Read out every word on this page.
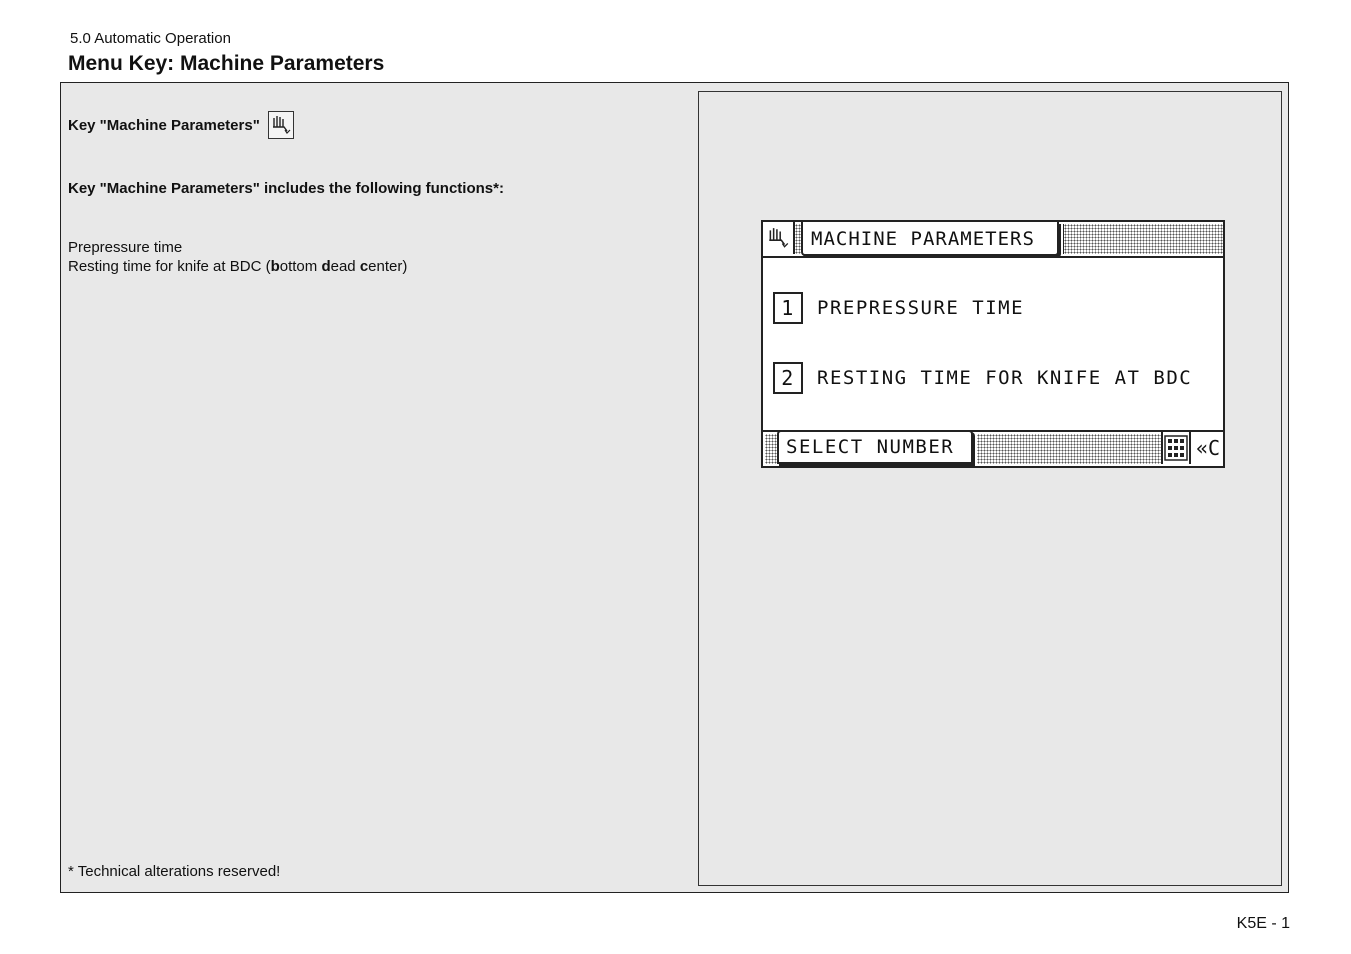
5.0 Automatic Operation
Menu Key: Machine Parameters
Key "Machine Parameters"
Key "Machine Parameters" includes the following functions*:
Prepressure time
Resting time for knife at BDC (bottom dead center)
* Technical alterations reserved!
MACHINE PARAMETERS
1	PREPRESSURE TIME
2	RESTING TIME FOR KNIFE AT BDC
SELECT NUMBER	«C
K5E - 1
